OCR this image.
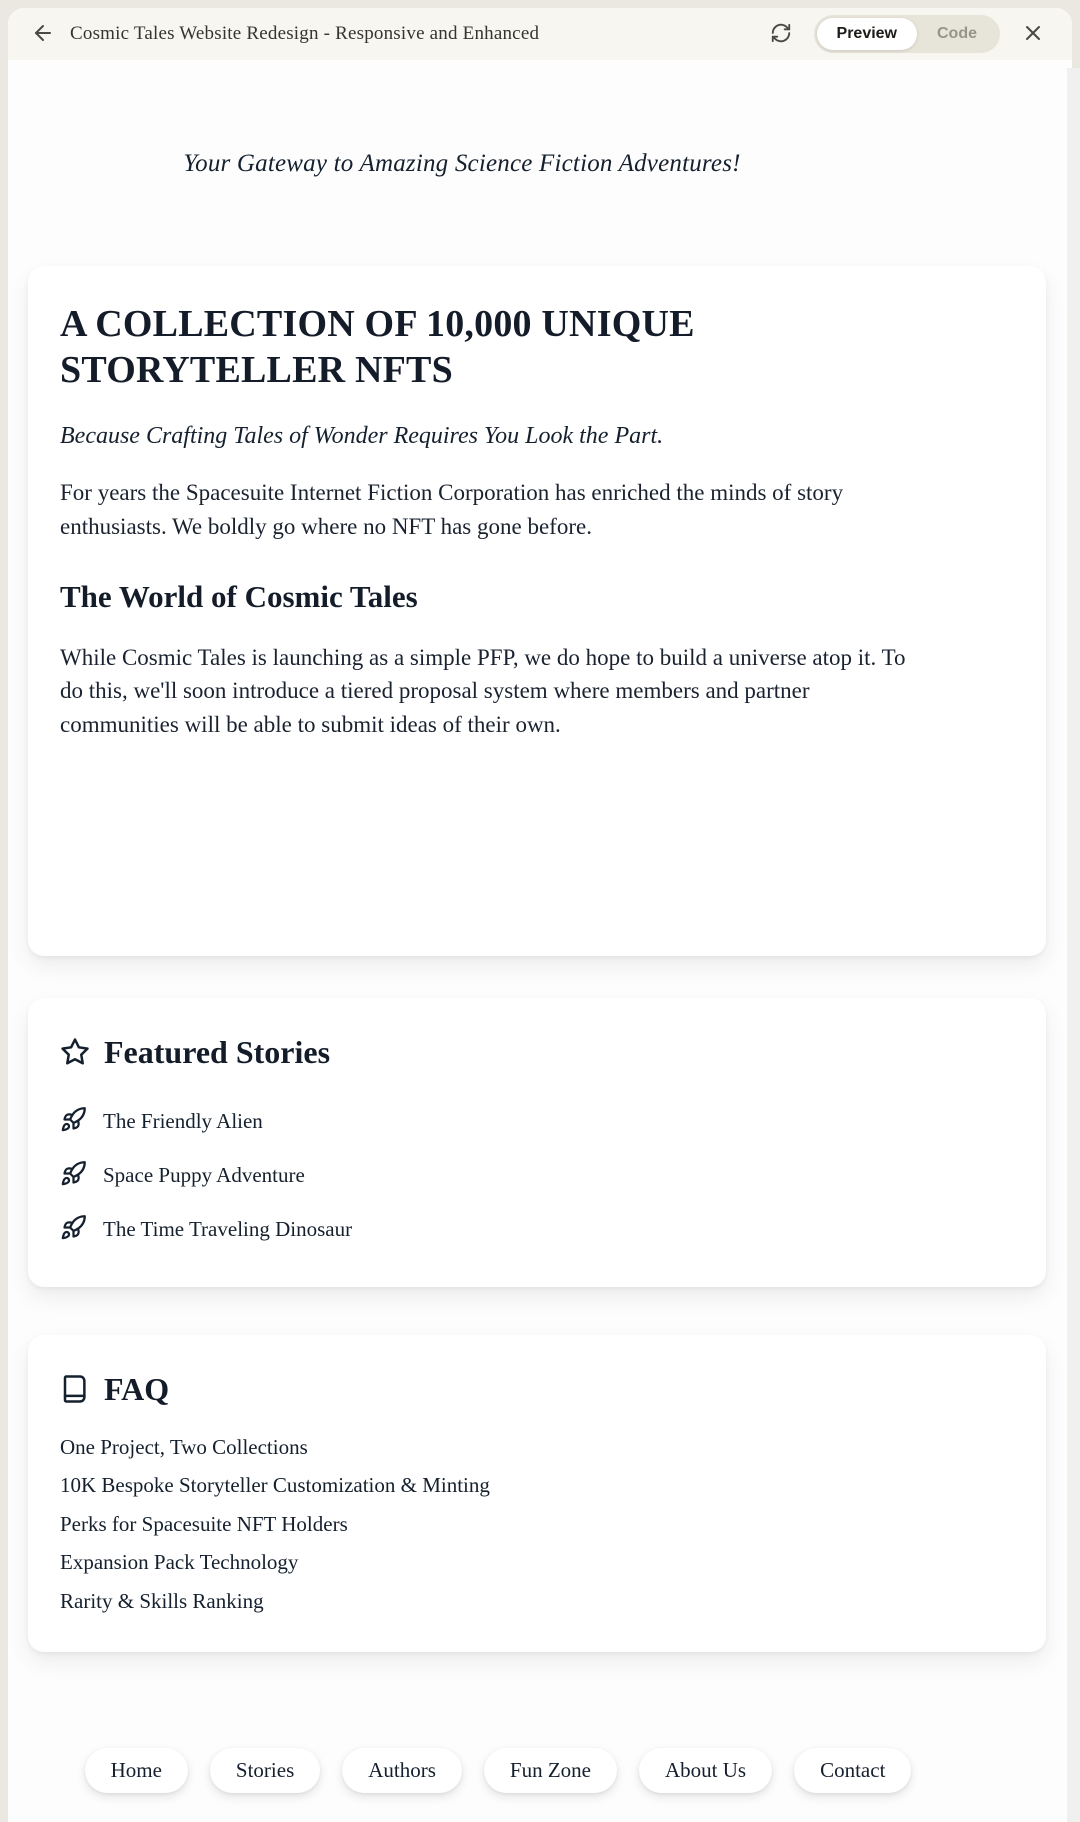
Cosmic Tales Website Redesign - Responsive and Enhanced	Preview	Code
Your Gateway to Amazing Science Fiction Adventures!
A COLLECTION OF 10,000 UNIQUE STORYTELLER NFTS
Because Crafting Tales of Wonder Requires You Look the Part.

For years the Spacesuite Internet Fiction Corporation has enriched the minds of story enthusiasts. We boldly go where no NFT has gone before.

The World of Cosmic Tales

While Cosmic Tales is launching as a simple PFP, we do hope to build a universe atop it. To do this, we'll soon introduce a tiered proposal system where members and partner communities will be able to submit ideas of their own.

Featured Stories
The Friendly Alien
Space Puppy Adventure
The Time Traveling Dinosaur
FAQ
One Project, Two Collections
10K Bespoke Storyteller Customization & Minting
Perks for Spacesuite NFT Holders
Expansion Pack Technology
Rarity & Skills Ranking
Home	Stories	Authors	Fun Zone	About Us	Contact
